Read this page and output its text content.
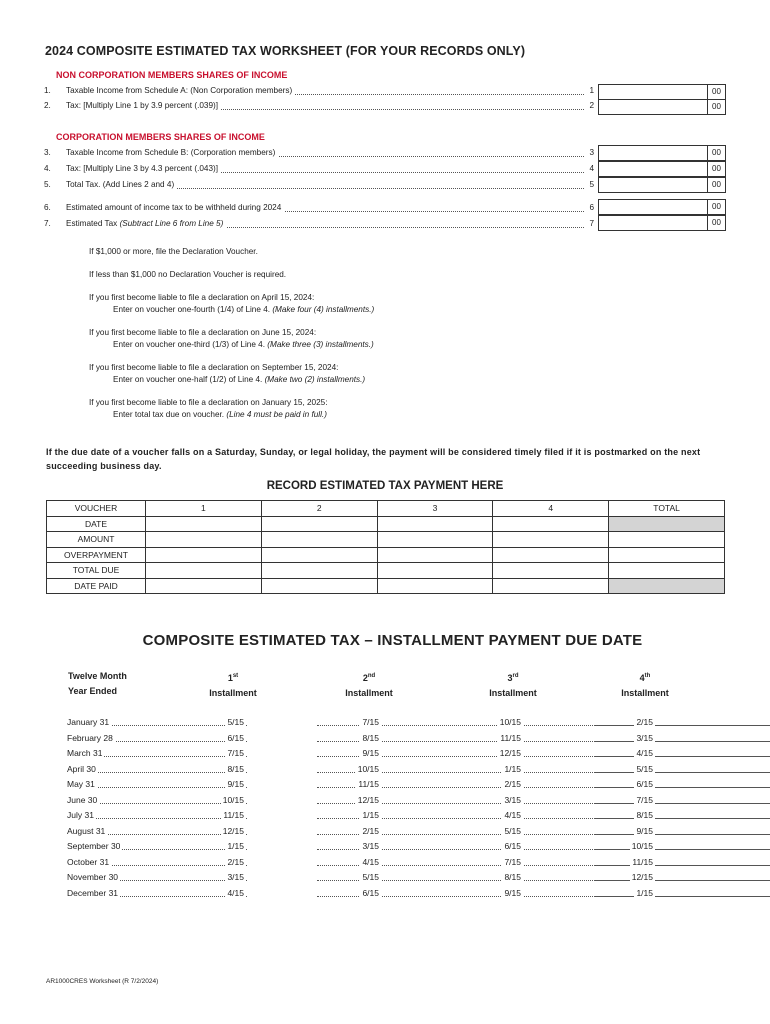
2024 COMPOSITE ESTIMATED TAX WORKSHEET (FOR YOUR RECORDS ONLY)
NON CORPORATION MEMBERS SHARES OF INCOME
1.	Taxable Income from Schedule A: (Non Corporation members)	1	00
2.	Tax: [Multiply Line 1 by 3.9 percent (.039)]	2	00
CORPORATION MEMBERS SHARES OF INCOME
3.	Taxable Income from Schedule B: (Corporation members)	3	00
4.	Tax: [Multiply Line 3 by 4.3 percent (.043)]	4	00
5.	Total Tax. (Add Lines 2 and 4)	5	00
6.	Estimated amount of income tax to be withheld during 2024	6	00
7.	Estimated Tax (Subtract Line 6 from Line 5)	7	00
If $1,000 or more, file the Declaration Voucher.
If less than $1,000 no Declaration Voucher is required.
If you first become liable to file a declaration on April 15, 2024:
Enter on voucher one-fourth (1/4) of Line 4. (Make four (4) installments.)
If you first become liable to file a declaration on June 15, 2024:
Enter on voucher one-third (1/3) of Line 4. (Make three (3) installments.)
If you first become liable to file a declaration on September 15, 2024:
Enter on voucher one-half (1/2) of Line 4. (Make two (2) installments.)
If you first become liable to file a declaration on January 15, 2025:
Enter total tax due on voucher. (Line 4 must be paid in full.)
If the due date of a voucher falls on a Saturday, Sunday, or legal holiday, the payment will be considered timely filed if it is postmarked on the next succeeding business day.
RECORD ESTIMATED TAX PAYMENT HERE
VOUCHER	1	2	3	4	TOTAL
DATE					
AMOUNT					
OVERPAYMENT					
TOTAL DUE					
DATE PAID					
COMPOSITE ESTIMATED TAX – INSTALLMENT PAYMENT DUE DATE
Twelve Month
Year Ended
1st
Installment
2nd
Installment
3rd
Installment
4th
Installment
January 31	5/15	7/15	10/15	2/15
February 28	6/15	8/15	11/15	3/15
March 31	7/15	9/15	12/15	4/15
April 30	8/15	10/15	1/15	5/15
May 31	9/15	11/15	2/15	6/15
June 30	10/15	12/15	3/15	7/15
July 31	11/15	1/15	4/15	8/15
August 31	12/15	2/15	5/15	9/15
September 30	1/15	3/15	6/15	10/15
October 31	2/15	4/15	7/15	11/15
November 30	3/15	5/15	8/15	12/15
December 31	4/15	6/15	9/15	1/15
AR1000CRES Worksheet (R 7/2/2024)
